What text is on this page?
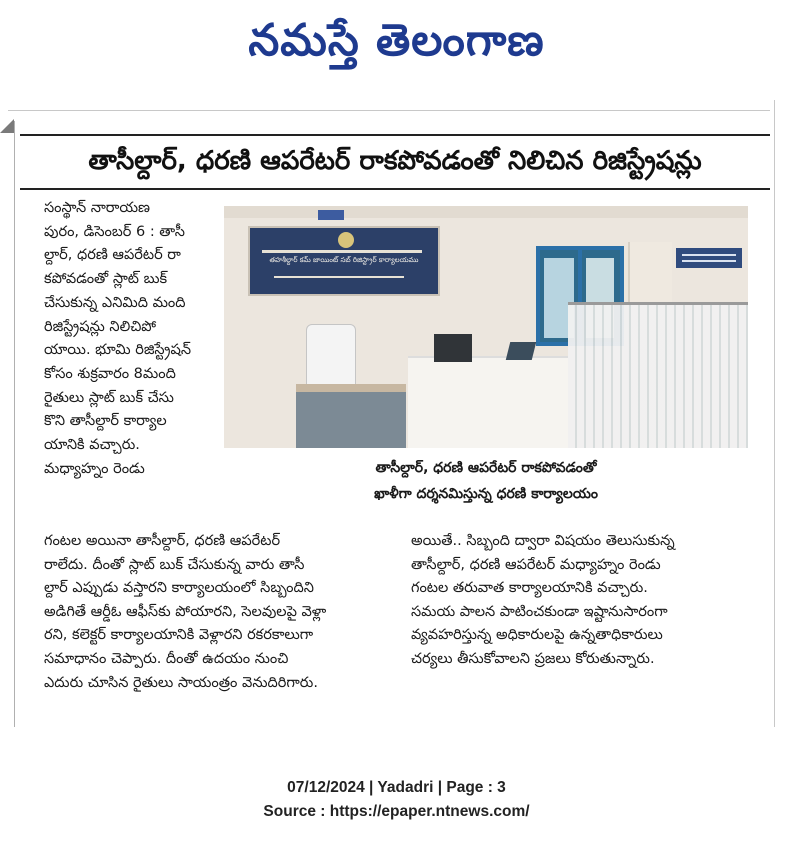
నమస్తే తెలంగాణ
తాసీల్దార్, ధరణి ఆపరేటర్ రాకపోవడంతో నిలిచిన రిజిస్ట్రేషన్లు
సంస్థాన్ నారాయణ
పురం, డిసెంబర్ 6 : తాసీ
ల్దార్, ధరణి ఆపరేటర్ రా
కపోవడంతో స్లాట్ బుక్
చేసుకున్న ఎనిమిది మంది
రిజిస్ట్రేషన్లు నిలిచిపో
యాయి. భూమి రిజిస్ట్రేషన్
కోసం శుక్రవారం 8మంది
రైతులు స్లాట్ బుక్ చేసు
కొని తాసీల్దార్ కార్యాల
యానికి వచ్చారు.
మధ్యాహ్నం రెండు
తహశీల్దార్ కమ్ జాయింట్ సబ్ రిజిస్ట్రార్ కార్యాలయము
తాసీల్దార్, ధరణి ఆపరేటర్ రాకపోవడంతో
ఖాళీగా దర్శనమిస్తున్న ధరణి కార్యాలయం
గంటల అయినా తాసీల్దార్, ధరణి ఆపరేటర్
రాలేదు. దీంతో స్లాట్ బుక్ చేసుకున్న వారు తాసీ
ల్దార్ ఎప్పుడు వస్తారని కార్యాలయంలో సిబ్బందిని
అడిగితే ఆర్డీఓ ఆఫీస్‌కు పోయారని, సెలవులపై వెళ్లా
రని, కలెక్టర్ కార్యాలయానికి వెళ్లారని రకరకాలుగా
సమాధానం చెప్పారు. దీంతో ఉదయం నుంచి
ఎదురు చూసిన రైతులు సాయంత్రం వెనుదిరిగారు.
అయితే.. సిబ్బంది ద్వారా విషయం తెలుసుకున్న
తాసీల్దార్, ధరణి ఆపరేటర్ మధ్యాహ్నం రెండు
గంటల తరువాత కార్యాలయానికి వచ్చారు.
సమయ పాలన పాటించకుండా ఇష్టానుసారంగా
వ్యవహరిస్తున్న అధికారులపై ఉన్నతాధికారులు
చర్యలు తీసుకోవాలని ప్రజలు కోరుతున్నారు.
07/12/2024 | Yadadri | Page : 3
Source : https://epaper.ntnews.com/
